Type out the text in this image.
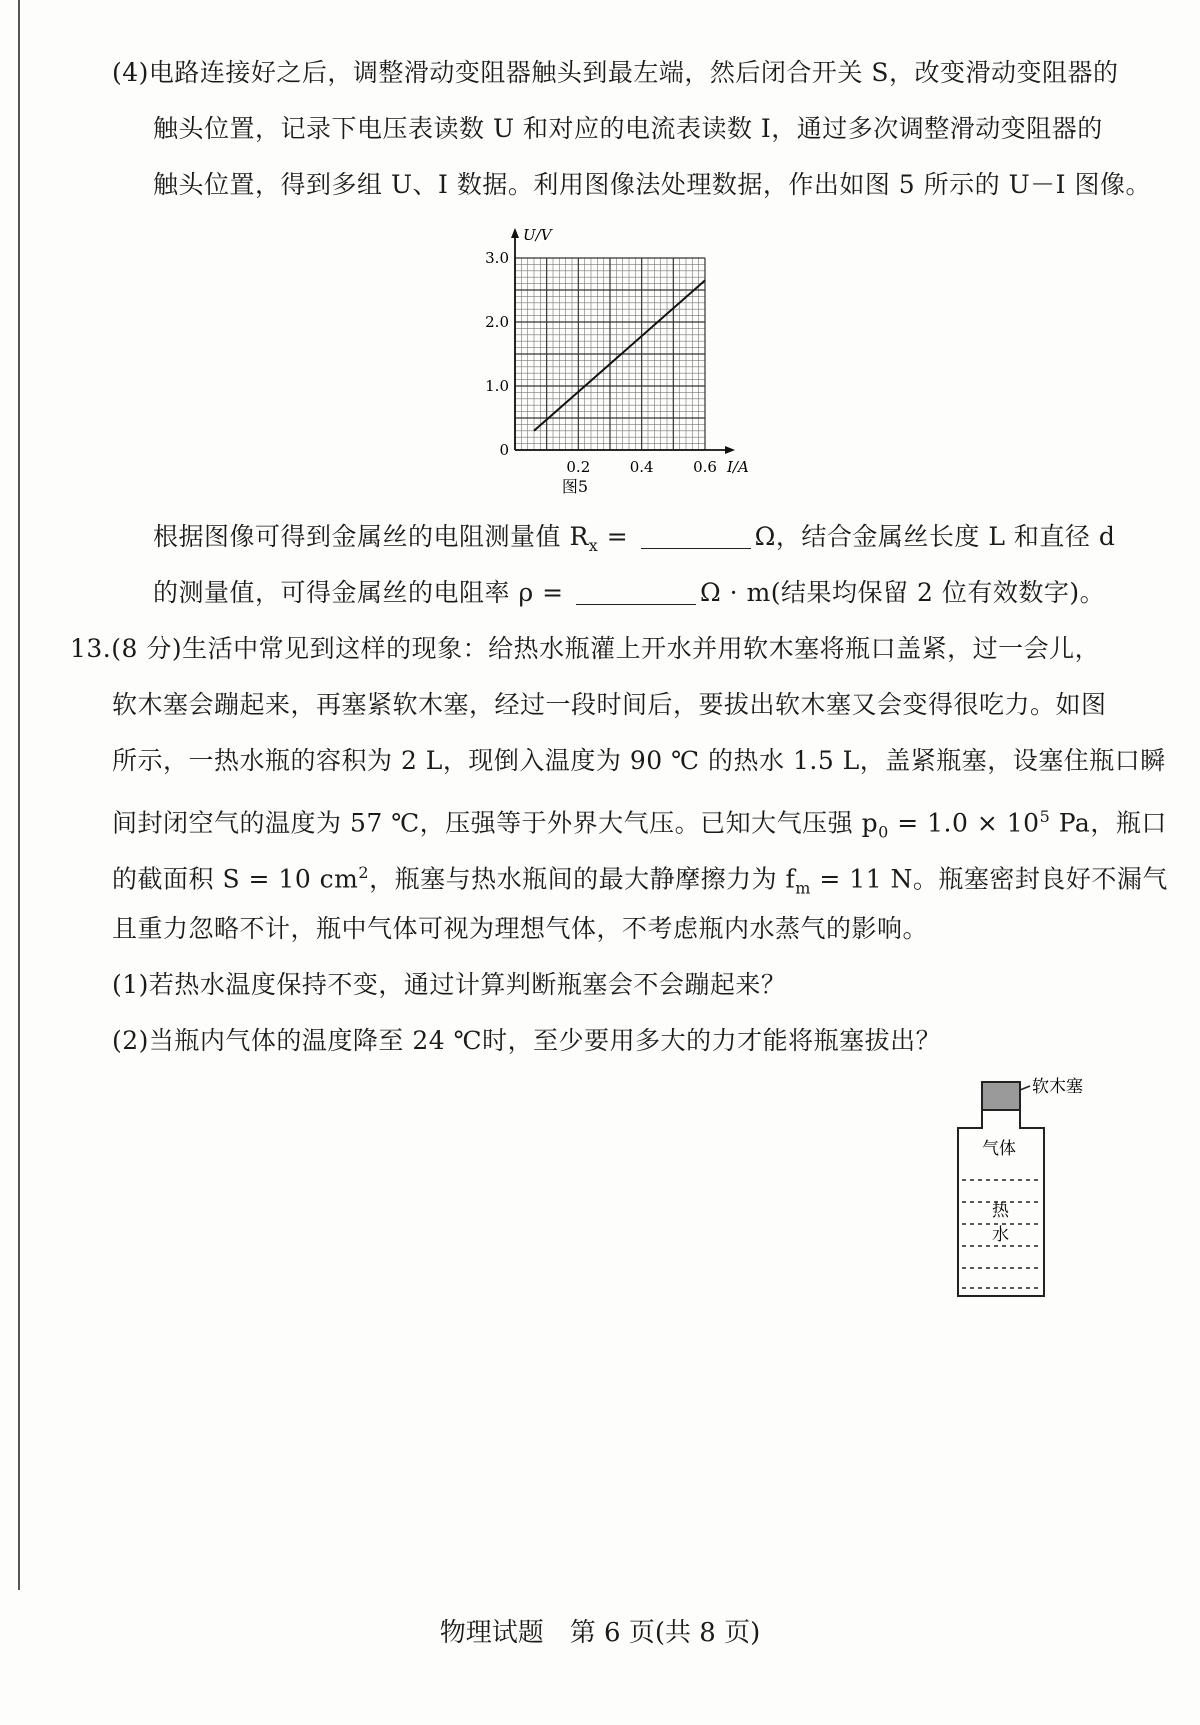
(4)电路连接好之后，调整滑动变阻器触头到最左端，然后闭合开关 S，改变滑动变阻器的
触头位置，记录下电压表读数 U 和对应的电流表读数 I，通过多次调整滑动变阻器的
触头位置，得到多组 U、I 数据。利用图像法处理数据，作出如图 5 所示的 U－I 图像。
0.2	0.4	0.6
3.0
2.0
1.0
0
U/V
I/A
图5
根据图像可得到金属丝的电阻测量值 $R_x$ =	Ω，结合金属丝长度 L 和直径 d
的测量值，可得金属丝的电阻率 ρ =	Ω · m(结果均保留 2 位有效数字)。
13.(8 分)生活中常见到这样的现象：给热水瓶灌上开水并用软木塞将瓶口盖紧，过一会儿，
软木塞会蹦起来，再塞紧软木塞，经过一段时间后，要拔出软木塞又会变得很吃力。如图
所示，一热水瓶的容积为 2 L，现倒入温度为 90 ℃ 的热水 1.5 L，盖紧瓶塞，设塞住瓶口瞬
间封闭空气的温度为 57 ℃，压强等于外界大气压。已知大气压强 $p_0 = 1.0 \times 10^5$ Pa，瓶口
的截面积 S = 10 $cm^2$，瓶塞与热水瓶间的最大静摩擦力为 $f_m = 11$ N。瓶塞密封良好不漏气
且重力忽略不计，瓶中气体可视为理想气体，不考虑瓶内水蒸气的影响。
(1)若热水温度保持不变，通过计算判断瓶塞会不会蹦起来？
(2)当瓶内气体的温度降至 24 ℃时，至少要用多大的力才能将瓶塞拔出？
软木塞
气体
热
水
物理试题　第 6 页(共 8 页)
